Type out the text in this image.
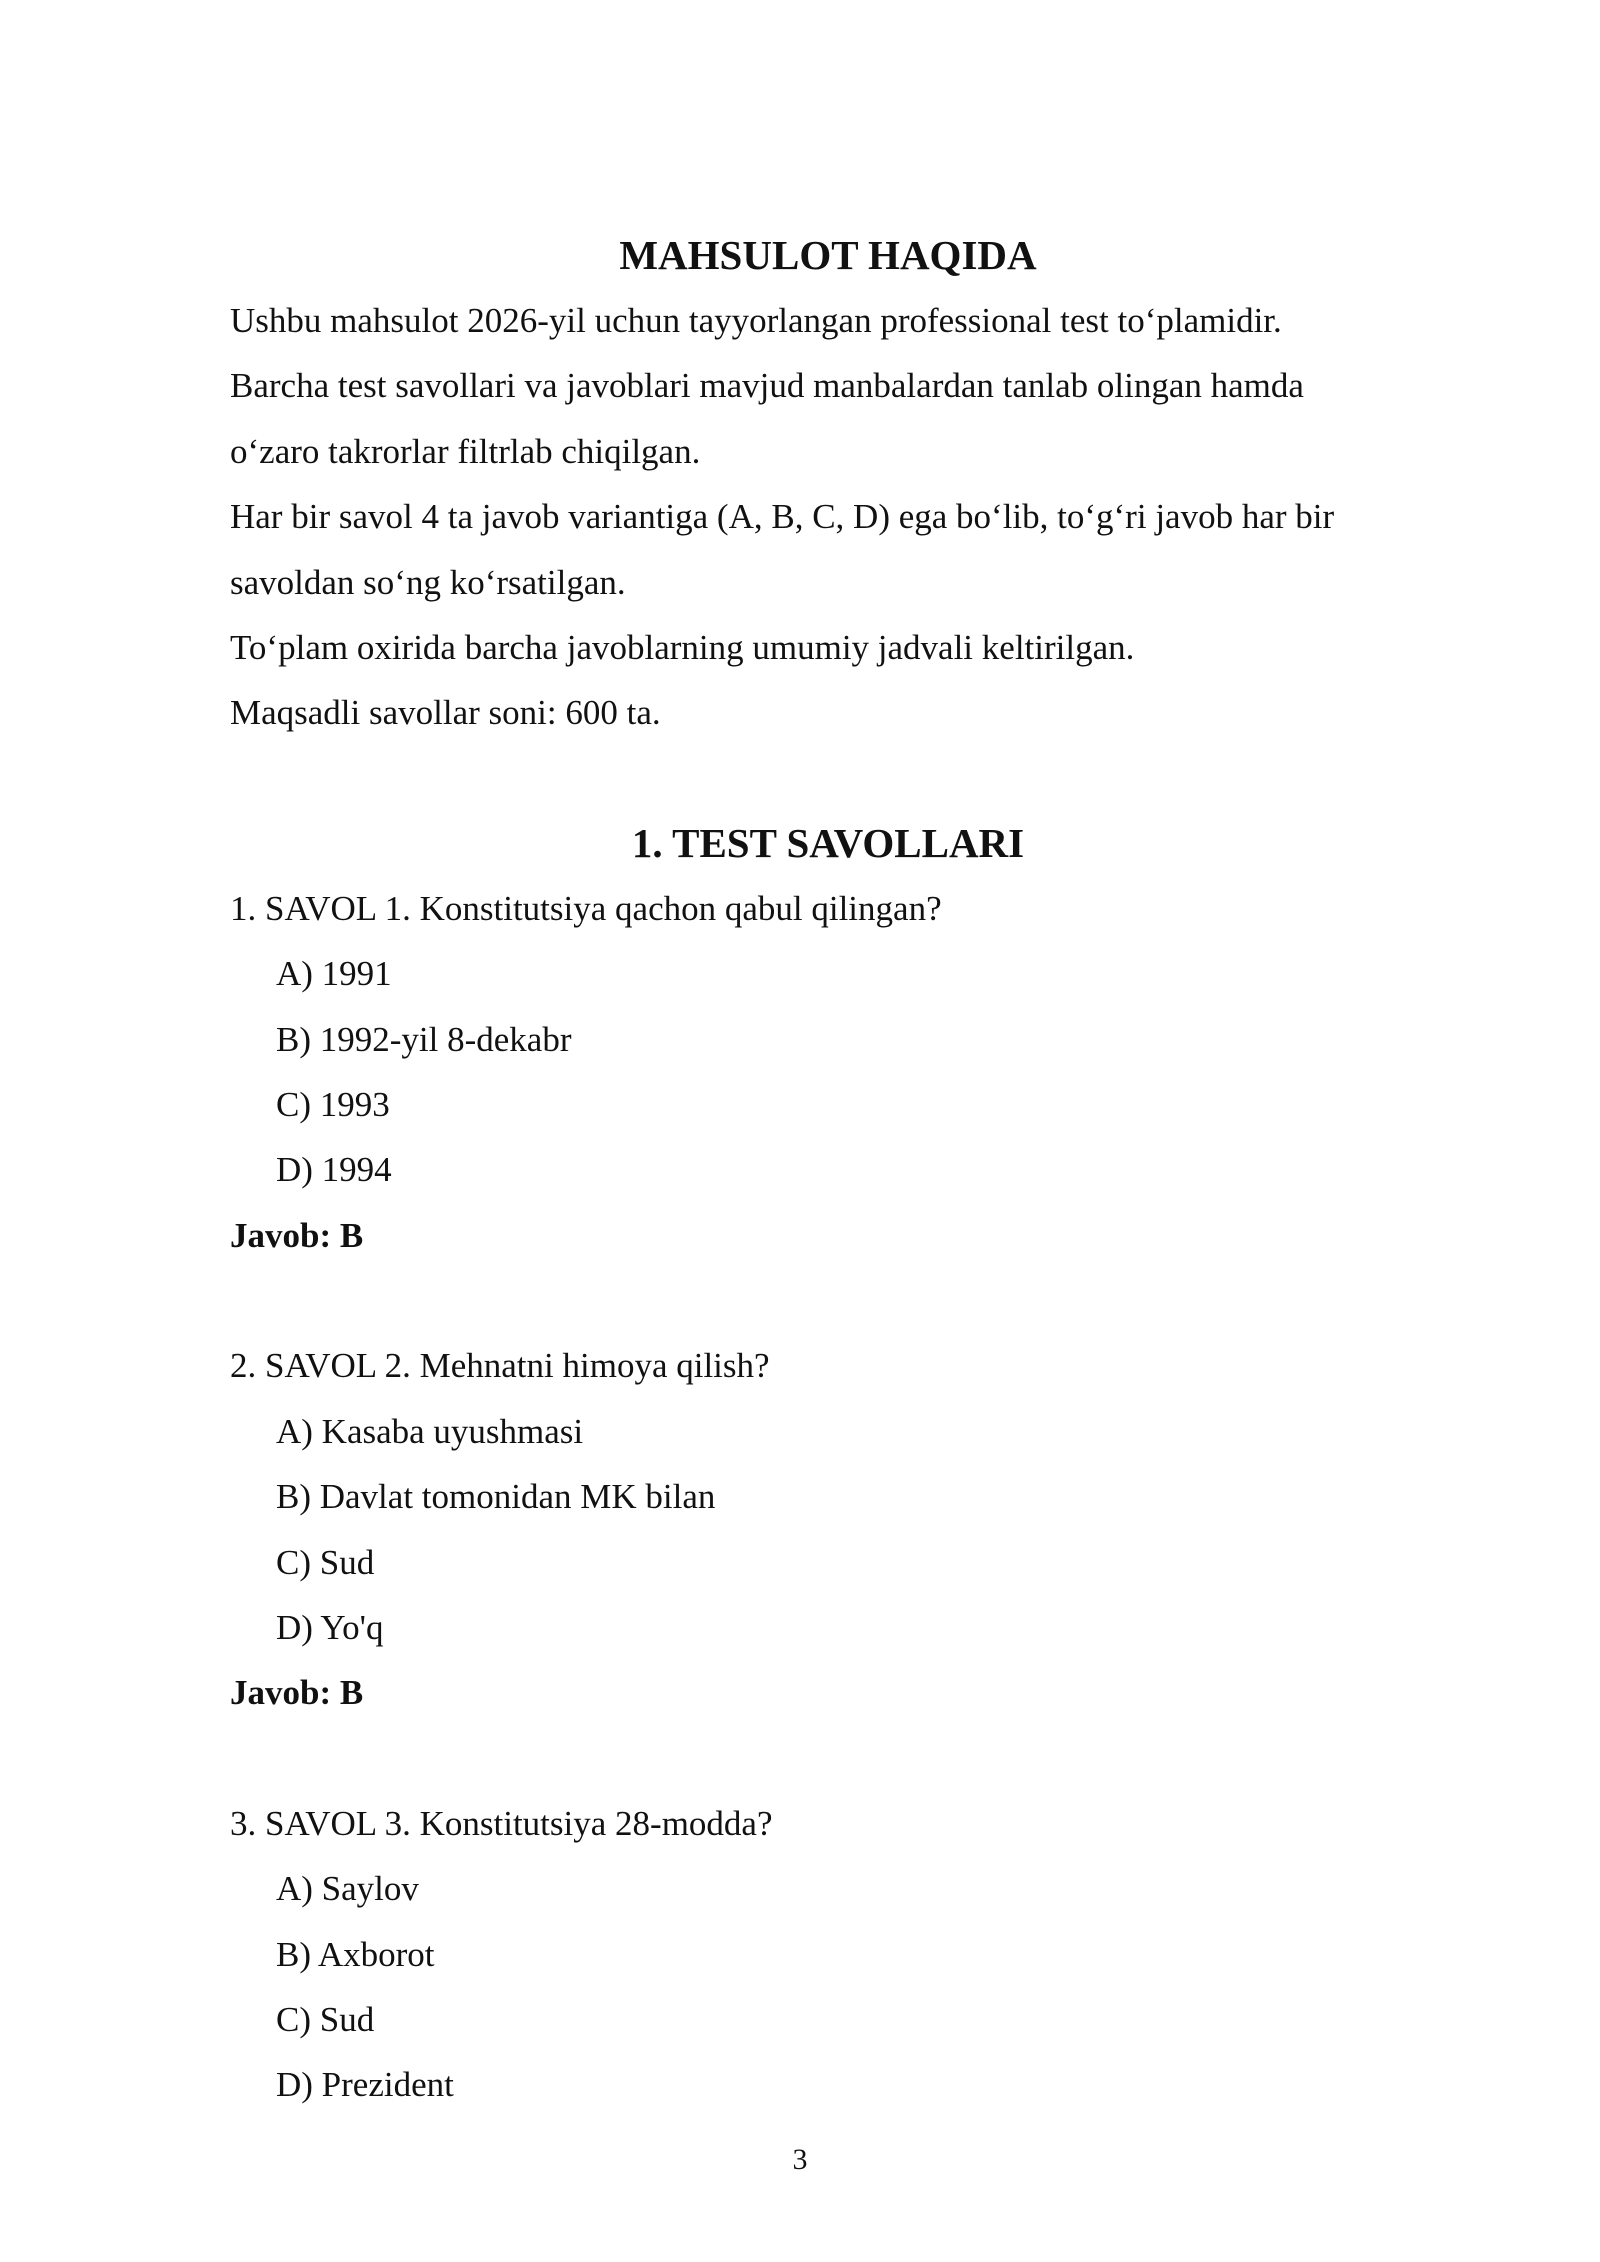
MAHSULOT HAQIDA

Ushbu mahsulot 2026-yil uchun tayyorlangan professional test to‘plamidir.

Barcha test savollari va javoblari mavjud manbalardan tanlab olingan hamda

o‘zaro takrorlar filtrlab chiqilgan.

Har bir savol 4 ta javob variantiga (A, B, C, D) ega bo‘lib, to‘g‘ri javob har bir

savoldan so‘ng ko‘rsatilgan.

To‘plam oxirida barcha javoblarning umumiy jadvali keltirilgan.

Maqsadli savollar soni: 600 ta.

1. TEST SAVOLLARI

1. SAVOL 1. Konstitutsiya qachon qabul qilingan?

A) 1991

B) 1992-yil 8-dekabr

C) 1993

D) 1994

Javob: B

2. SAVOL 2. Mehnatni himoya qilish?

A) Kasaba uyushmasi

B) Davlat tomonidan MK bilan

C) Sud

D) Yo'q

Javob: B

3. SAVOL 3. Konstitutsiya 28-modda?

A) Saylov

B) Axborot

C) Sud

D) Prezident

3
